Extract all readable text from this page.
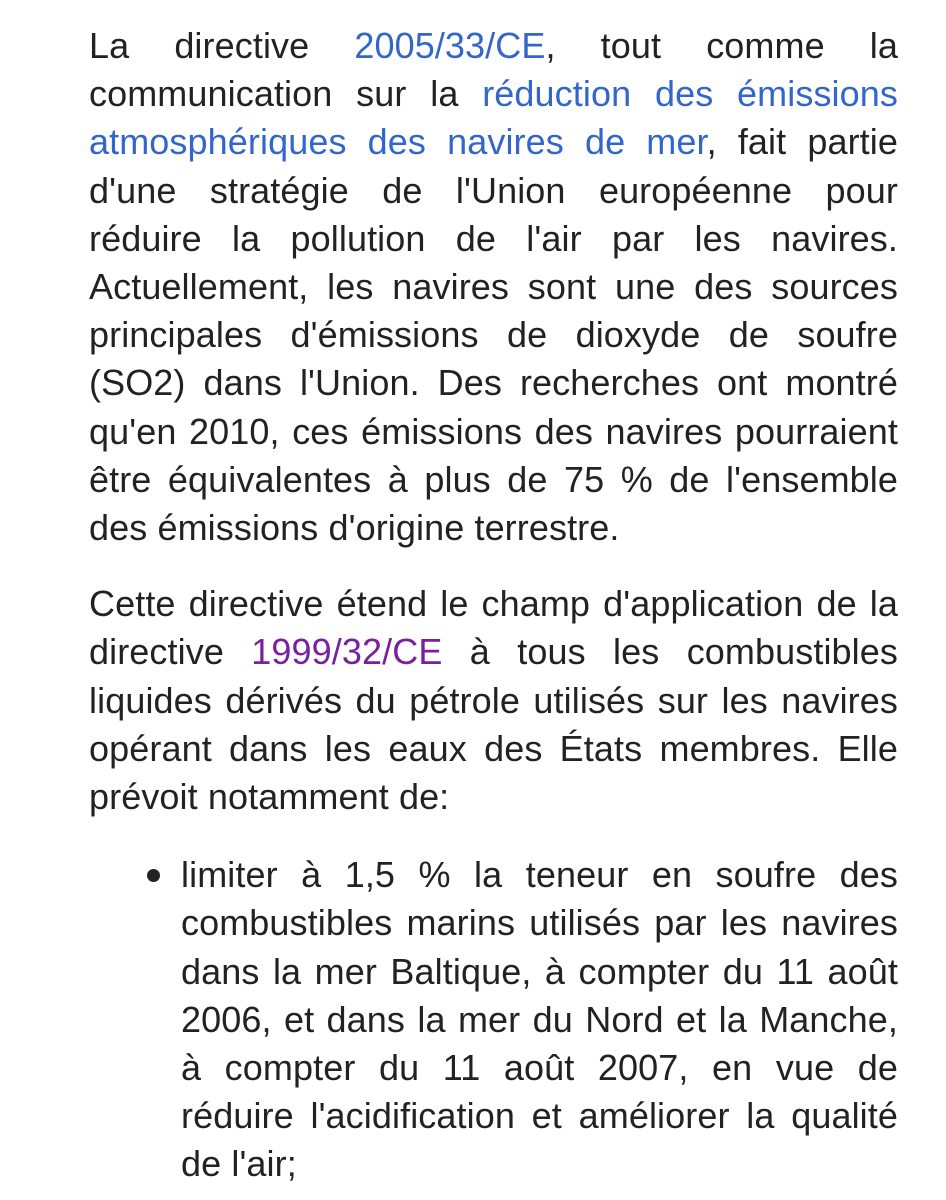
La directive 2005/33/CE, tout comme la communication sur la réduction des émissions atmosphériques des navires de mer, fait partie d'une stratégie de l'Union européenne pour réduire la pollution de l'air par les navires. Actuellement, les navires sont une des sources principales d'émissions de dioxyde de soufre (SO2) dans l'Union. Des recherches ont montré qu'en 2010, ces émissions des navires pourraient être équivalentes à plus de 75 % de l'ensemble des émissions d'origine terrestre.

Cette directive étend le champ d'application de la directive 1999/32/CE à tous les combustibles liquides dérivés du pétrole utilisés sur les navires opérant dans les eaux des États membres. Elle prévoit notamment de:

limiter à 1,5 % la teneur en soufre des combustibles marins utilisés par les navires dans la mer Baltique, à compter du 11 août 2006, et dans la mer du Nord et la Manche, à compter du 11 août 2007, en vue de réduire l'acidification et améliorer la qualité de l'air;
